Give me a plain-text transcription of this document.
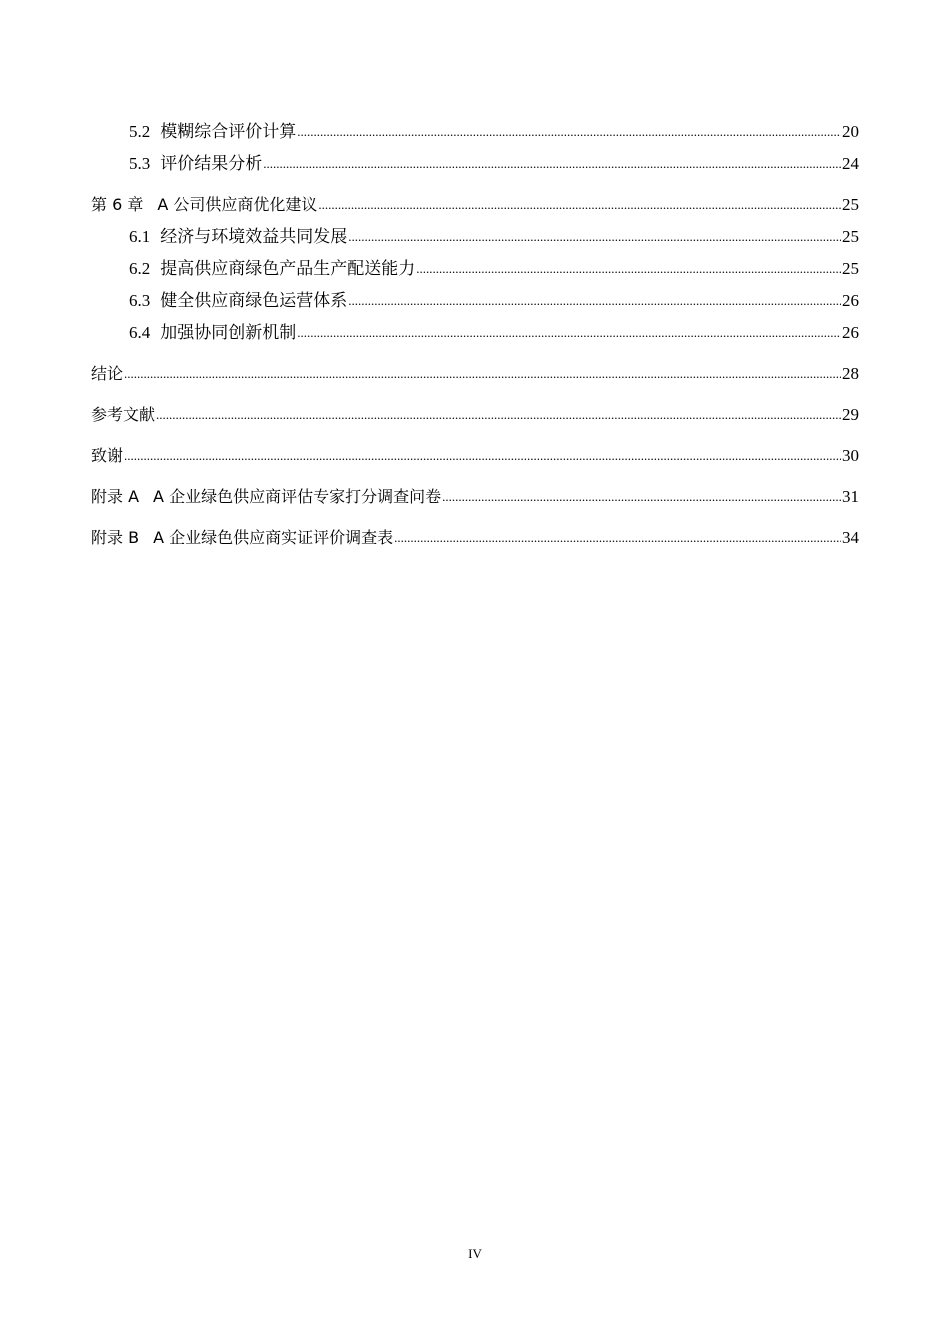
5.2 模糊综合评价计算 .....	20
5.3 评价结果分析 .....	24
第 6 章 A 公司供应商优化建议 .....	25
6.1 经济与环境效益共同发展 .....	25
6.2 提高供应商绿色产品生产配送能力 .....	25
6.3 健全供应商绿色运营体系 .....	26
6.4 加强协同创新机制 .....	26
结论 .....	28
参考文献 .....	29
致谢 .....	30
附录 A A 企业绿色供应商评估专家打分调查问卷 .....	31
附录 B A 企业绿色供应商实证评价调查表 .....	34
IV
